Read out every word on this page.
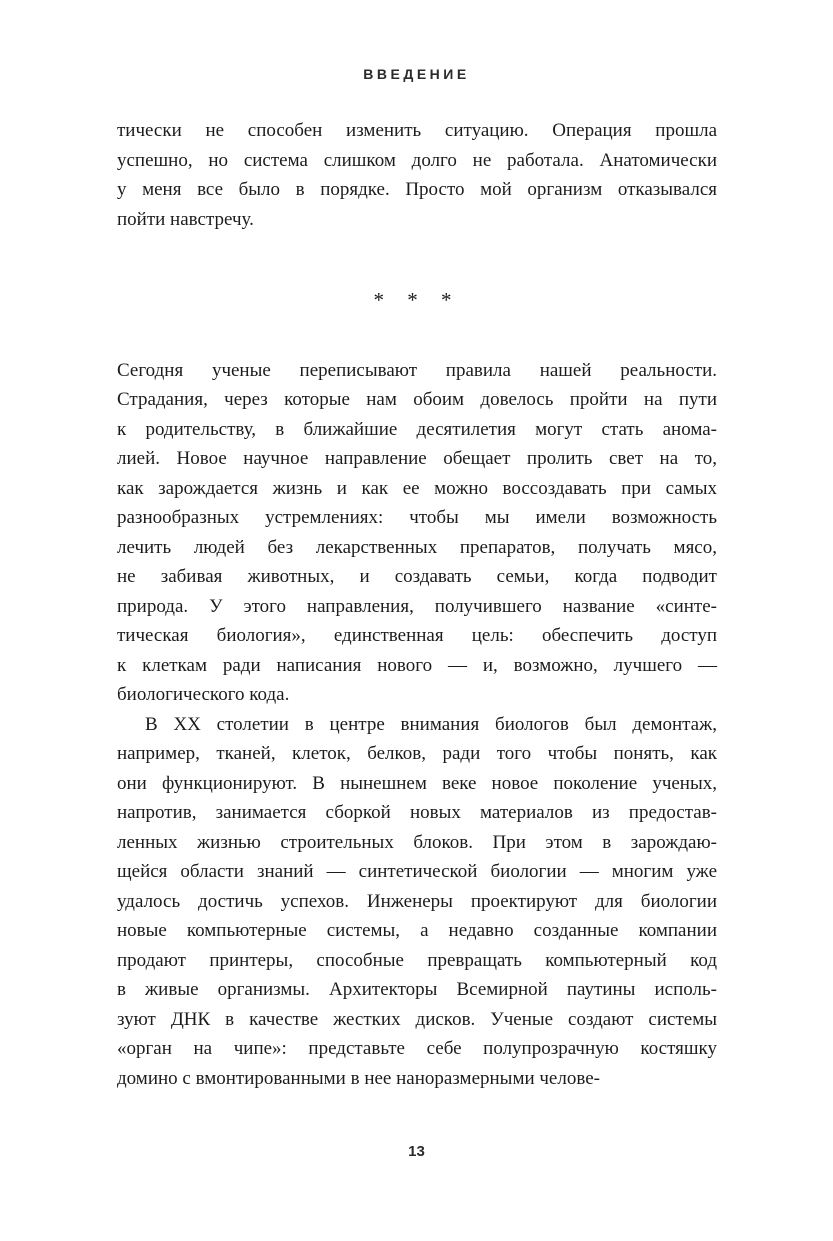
ВВЕДЕНИЕ
тически не способен изменить ситуацию. Операция прошла
успешно, но система слишком долго не работала. Анатомически
у меня все было в порядке. Просто мой организм отказывался
пойти навстречу.
* * *
Сегодня ученые переписывают правила нашей реальности.
Страдания, через которые нам обоим довелось пройти на пути
к родительству, в ближайшие десятилетия могут стать анома-
лией. Новое научное направление обещает пролить свет на то,
как зарождается жизнь и как ее можно воссоздавать при самых
разнообразных устремлениях: чтобы мы имели возможность
лечить людей без лекарственных препаратов, получать мясо,
не забивая животных, и создавать семьи, когда подводит
природа. У этого направления, получившего название «синте-
тическая биология», единственная цель: обеспечить доступ
к клеткам ради написания нового — и, возможно, лучшего —
биологического кода.
В XX столетии в центре внимания биологов был демонтаж,
например, тканей, клеток, белков, ради того чтобы понять, как
они функционируют. В нынешнем веке новое поколение ученых,
напротив, занимается сборкой новых материалов из предостав-
ленных жизнью строительных блоков. При этом в зарождаю-
щейся области знаний — синтетической биологии — многим уже
удалось достичь успехов. Инженеры проектируют для биологии
новые компьютерные системы, а недавно созданные компании
продают принтеры, способные превращать компьютерный код
в живые организмы. Архитекторы Всемирной паутины исполь-
зуют ДНК в качестве жестких дисков. Ученые создают системы
«орган на чипе»: представьте себе полупрозрачную костяшку
домино с вмонтированными в нее наноразмерными челове-
13
